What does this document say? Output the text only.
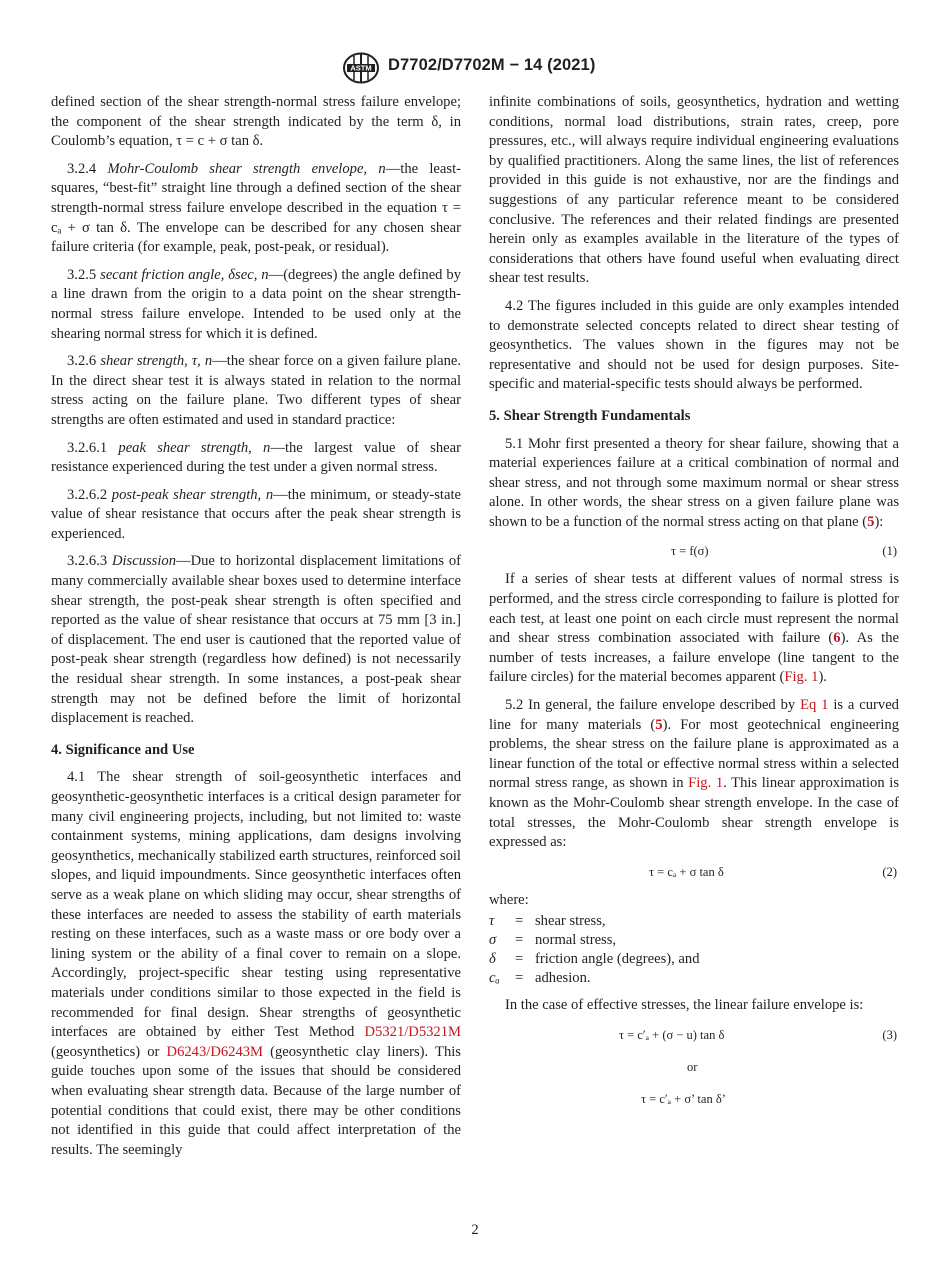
ASTM D7702/D7702M − 14 (2021)

defined section of the shear strength-normal stress failure envelope; the component of the shear strength indicated by the term δ, in Coulomb’s equation, τ = c + σ tan δ.

3.2.4 Mohr-Coulomb shear strength envelope, n—the least-squares, “best-fit” straight line through a defined section of the shear strength-normal stress failure envelope described in the equation τ = cₐ + σ tan δ. The envelope can be described for any chosen shear failure criteria (for example, peak, post-peak, or residual).

3.2.5 secant friction angle, δsec, n—(degrees) the angle defined by a line drawn from the origin to a data point on the shear strength-normal stress failure envelope. Intended to be used only at the shearing normal stress for which it is defined.

3.2.6 shear strength, τ, n—the shear force on a given failure plane. In the direct shear test it is always stated in relation to the normal stress acting on the failure plane. Two different types of shear strengths are often estimated and used in standard practice:

3.2.6.1 peak shear strength, n—the largest value of shear resistance experienced during the test under a given normal stress.

3.2.6.2 post-peak shear strength, n—the minimum, or steady-state value of shear resistance that occurs after the peak shear strength is experienced.

3.2.6.3 Discussion—Due to horizontal displacement limitations of many commercially available shear boxes used to determine interface shear strength, the post-peak shear strength is often specified and reported as the value of shear resistance that occurs at 75 mm [3 in.] of displacement. The end user is cautioned that the reported value of post-peak shear strength (regardless how defined) is not necessarily the residual shear strength. In some instances, a post-peak shear strength may not be defined before the limit of horizontal displacement is reached.

4. Significance and Use

4.1 The shear strength of soil-geosynthetic interfaces and geosynthetic-geosynthetic interfaces is a critical design parameter for many civil engineering projects, including, but not limited to: waste containment systems, mining applications, dam designs involving geosynthetics, mechanically stabilized earth structures, reinforced soil slopes, and liquid impoundments. Since geosynthetic interfaces often serve as a weak plane on which sliding may occur, shear strengths of these interfaces are needed to assess the stability of earth materials resting on these interfaces, such as a waste mass or ore body over a lining system or the ability of a final cover to remain on a slope. Accordingly, project-specific shear testing using representative materials under conditions similar to those expected in the field is recommended for final design. Shear strengths of geosynthetic interfaces are obtained by either Test Method D5321/D5321M (geosynthetics) or D6243/D6243M (geosynthetic clay liners). This guide touches upon some of the issues that should be considered when evaluating shear strength data. Because of the large number of potential conditions that could exist, there may be other conditions not identified in this guide that could affect interpretation of the results. The seemingly

infinite combinations of soils, geosynthetics, hydration and wetting conditions, normal load distributions, strain rates, creep, pore pressures, etc., will always require individual engineering evaluations by qualified practitioners. Along the same lines, the list of references provided in this guide is not exhaustive, nor are the findings and suggestions of any particular reference meant to be considered conclusive. The references and their related findings are presented herein only as examples available in the literature of the types of considerations that others have found useful when evaluating direct shear test results.

4.2 The figures included in this guide are only examples intended to demonstrate selected concepts related to direct shear testing of geosynthetics. The values shown in the figures may not be representative and should not be used for design purposes. Site-specific and material-specific tests should always be performed.

5. Shear Strength Fundamentals

5.1 Mohr first presented a theory for shear failure, showing that a material experiences failure at a critical combination of normal and shear stress, and not through some maximum normal or shear stress alone. In other words, the shear stress on a given failure plane was shown to be a function of the normal stress acting on that plane (5):

τ = f(σ)	(1)

If a series of shear tests at different values of normal stress is performed, and the stress circle corresponding to failure is plotted for each test, at least one point on each circle must represent the normal and shear stress combination associated with failure (6). As the number of tests increases, a failure envelope (line tangent to the failure circles) for the material becomes apparent (Fig. 1).

5.2 In general, the failure envelope described by Eq 1 is a curved line for many materials (5). For most geotechnical engineering problems, the shear stress on the failure plane is approximated as a linear function of the total or effective normal stress within a selected normal stress range, as shown in Fig. 1. This linear approximation is known as the Mohr-Coulomb shear strength envelope. In the case of total stresses, the Mohr-Coulomb shear strength envelope is expressed as:

τ = cₐ + σ tan δ	(2)

where:

τ	= shear stress,
σ	= normal stress,
δ	= friction angle (degrees), and
cₐ	= adhesion.

In the case of effective stresses, the linear failure envelope is:

τ = c′ₐ + (σ − u) tan δ	(3)
or
τ = c′ₐ + σ’ tan δ’
2
